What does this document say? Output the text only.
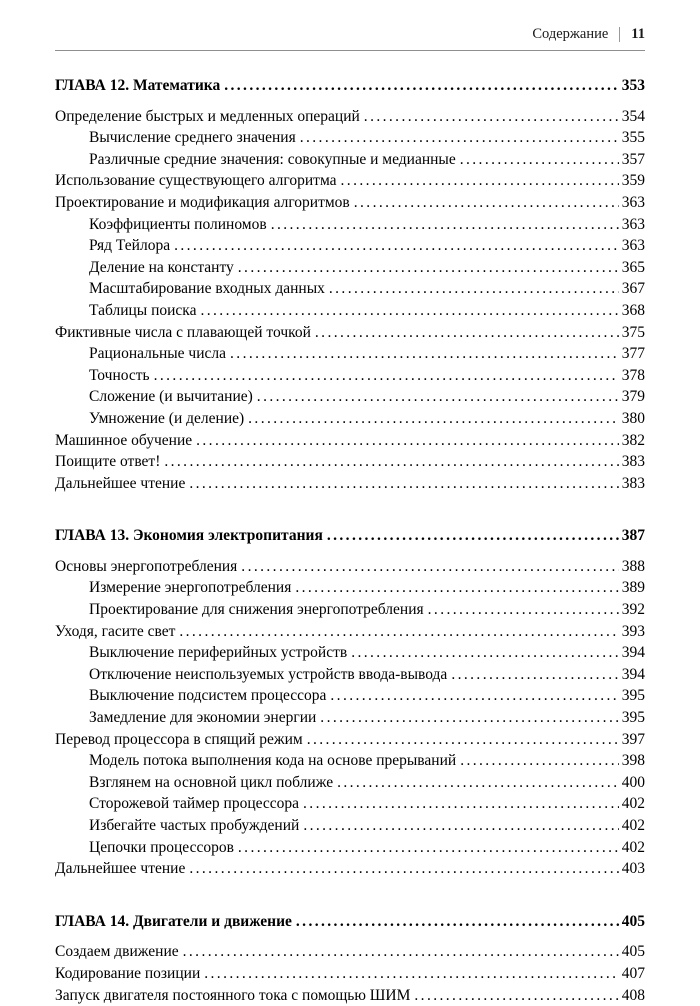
Содержание 11
ГЛАВА 12. Математика .....	353
Определение быстрых и медленных операций .....	354
Вычисление среднего значения .....	355
Различные средние значения: совокупные и медианные .....	357
Использование существующего алгоритма .....	359
Проектирование и модификация алгоритмов .....	363
Коэффициенты полиномов .....	363
Ряд Тейлора .....	363
Деление на константу .....	365
Масштабирование входных данных .....	367
Таблицы поиска .....	368
Фиктивные числа с плавающей точкой .....	375
Рациональные числа .....	377
Точность .....	378
Сложение (и вычитание) .....	379
Умножение (и деление) .....	380
Машинное обучение .....	382
Поищите ответ! .....	383
Дальнейшее чтение .....	383
ГЛАВА 13. Экономия электропитания .....	387
Основы энергопотребления .....	388
Измерение энергопотребления .....	389
Проектирование для снижения энергопотребления .....	392
Уходя, гасите свет .....	393
Выключение периферийных устройств .....	394
Отключение неиспользуемых устройств ввода-вывода .....	394
Выключение подсистем процессора .....	395
Замедление для экономии энергии .....	395
Перевод процессора в спящий режим .....	397
Модель потока выполнения кода на основе прерываний .....	398
Взглянем на основной цикл поближе .....	400
Сторожевой таймер процессора .....	402
Избегайте частых пробуждений .....	402
Цепочки процессоров .....	402
Дальнейшее чтение .....	403
ГЛАВА 14. Двигатели и движение .....	405
Создаем движение .....	405
Кодирование позиции .....	407
Запуск двигателя постоянного тока с помощью ШИМ .....	408
